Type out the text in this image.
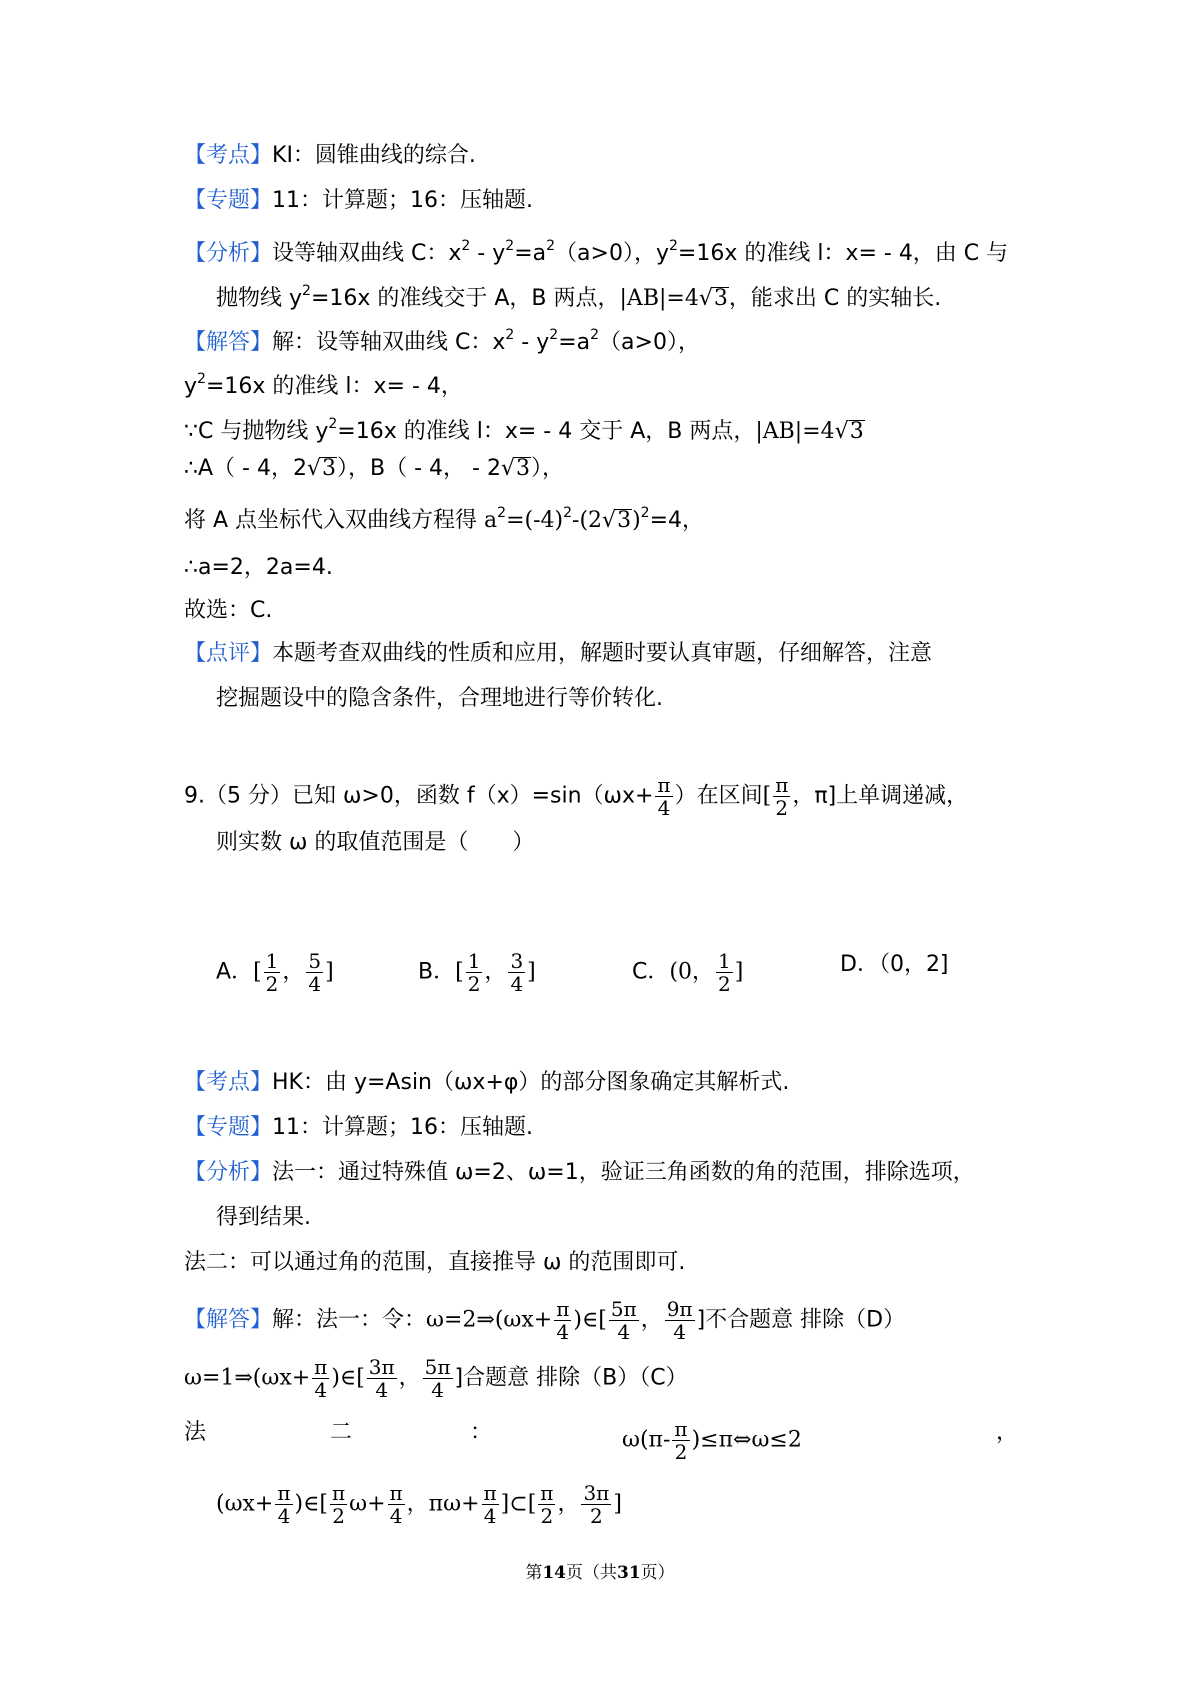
【考点】KI：圆锥曲线的综合.
【专题】11：计算题；16：压轴题.
【分析】设等轴双曲线 C：$x^2 - y^2=a^2(a>0)$，$y^2=16x$ 的准线 l：x= - 4，由 C 与
抛物线 $y^2=16x$ 的准线交于 A，B 两点，|AB|=4√3，能求出 C 的实轴长.
【解答】解：设等轴双曲线 C：$x^2 - y^2=a^2(a>0)$，
$y^2=16x$ 的准线 l：x= - 4，
∵C 与抛物线 $y^2=16x$ 的准线 l：x= - 4 交于 A，B 两点，|AB|=4√3
∴A（ - 4，2√3），B（ - 4， - 2√3），
将 A 点坐标代入双曲线方程得 $a^2=(-4)^2-(2√3)^2=4$，
∴a=2，2a=4.
故选：C.
【点评】本题考查双曲线的性质和应用，解题时要认真审题，仔细解答，注意
挖掘题设中的隐含条件，合理地进行等价转化.
9.（5 分）已知 ω>0，函数 $f(x)=\sin(\omega x+ \frac{\pi}{4}$ ）在区间[ $\frac{\pi}{2}$ ，π]上单调递减，
则实数 ω 的取值范围是（　　）
A．[ $\frac{1}{2}$ ， $\frac{5}{4}$ ]	B．[ $\frac{1}{2}$ ， $\frac{3}{4}$ ]	C．(0， $\frac{1}{2}$ ]	D．（0，2]
【考点】HK：由 y=Asin（ωx+φ）的部分图象确定其解析式.
【专题】11：计算题；16：压轴题.
【分析】法一：通过特殊值 ω=2、ω=1，验证三角函数的角的范围，排除选项，
得到结果.
法二：可以通过角的范围，直接推导 ω 的范围即可.
【解答】解：法一：令：ω=2⇒(ωx+ $\frac{\pi}{4}$ )∈[ $\frac{5\pi}{4}$ ， $\frac{9\pi}{4}$ ]不合题意 排除（D）
ω=1⇒(ωx+ $\frac{\pi}{4}$ )∈[ $\frac{3\pi}{4}$ ， $\frac{5\pi}{4}$ ]合题意 排除（B）（C）
法	二	：	$\omega(\pi- \frac{\pi}{2}$ )≤π⇔ω≤2	，
($\omega x+ \frac{\pi}{4}$ )∈[ $\frac{\pi}{2} \omega+ \frac{\pi}{4}$ ，$\pi\omega+ \frac{\pi}{4}$ ]⊂[ $\frac{\pi}{2}$ ， $\frac{3\pi}{2}$ ]
第14页（共31页）
